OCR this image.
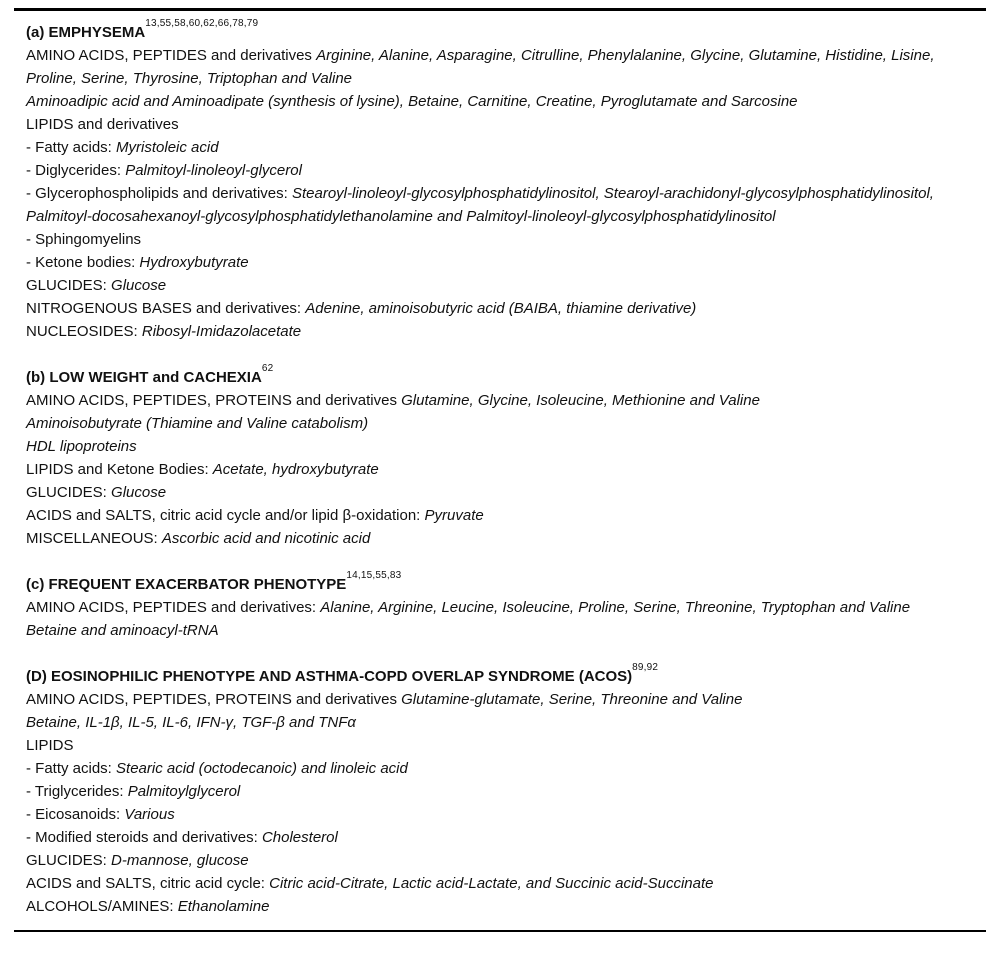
(a) EMPHYSEMA$^{13,55,58,60,62,66,78,79}$
AMINO ACIDS, PEPTIDES and derivatives Arginine, Alanine, Asparagine, Citrulline, Phenylalanine, Glycine, Glutamine, Histidine, Lisine, Proline, Serine, Thyrosine, Triptophan and Valine
Aminoadipic acid and Aminoadipate (synthesis of lysine), Betaine, Carnitine, Creatine, Pyroglutamate and Sarcosine
LIPIDS and derivatives
- Fatty acids: Myristoleic acid
- Diglycerides: Palmitoyl-linoleoyl-glycerol
- Glycerophospholipids and derivatives: Stearoyl-linoleoyl-glycosylphosphatidylinositol, Stearoyl-arachidonyl-glycosylphosphatidylinositol, Palmitoyl-docosahexanoyl-glycosylphosphatidylethanolamine and Palmitoyl-linoleoyl-glycosylphosphatidylinositol
- Sphingomyelins
- Ketone bodies: Hydroxybutyrate
GLUCIDES: Glucose
NITROGENOUS BASES and derivatives: Adenine, aminoisobutyric acid (BAIBA, thiamine derivative)
NUCLEOSIDES: Ribosyl-Imidazolacetate
(b) LOW WEIGHT and CACHEXIA$^{62}$
AMINO ACIDS, PEPTIDES, PROTEINS and derivatives Glutamine, Glycine, Isoleucine, Methionine and Valine
Aminoisobutyrate (Thiamine and Valine catabolism)
HDL lipoproteins
LIPIDS and Ketone Bodies: Acetate, hydroxybutyrate
GLUCIDES: Glucose
ACIDS and SALTS, citric acid cycle and/or lipid β-oxidation: Pyruvate
MISCELLANEOUS: Ascorbic acid and nicotinic acid
(c) FREQUENT EXACERBATOR PHENOTYPE$^{14,15,55,83}$
AMINO ACIDS, PEPTIDES and derivatives: Alanine, Arginine, Leucine, Isoleucine, Proline, Serine, Threonine, Tryptophan and Valine
Betaine and aminoacyl-tRNA
(D) EOSINOPHILIC PHENOTYPE AND ASTHMA-COPD OVERLAP SYNDROME (ACOS)$^{89,92}$
AMINO ACIDS, PEPTIDES, PROTEINS and derivatives Glutamine-glutamate, Serine, Threonine and Valine
Betaine, IL-1β, IL-5, IL-6, IFN-γ, TGF-β and TNFα
LIPIDS
- Fatty acids: Stearic acid (octodecanoic) and linoleic acid
- Triglycerides: Palmitoylglycerol
- Eicosanoids: Various
- Modified steroids and derivatives: Cholesterol
GLUCIDES: D-mannose, glucose
ACIDS and SALTS, citric acid cycle: Citric acid-Citrate, Lactic acid-Lactate, and Succinic acid-Succinate
ALCOHOLS/AMINES: Ethanolamine
